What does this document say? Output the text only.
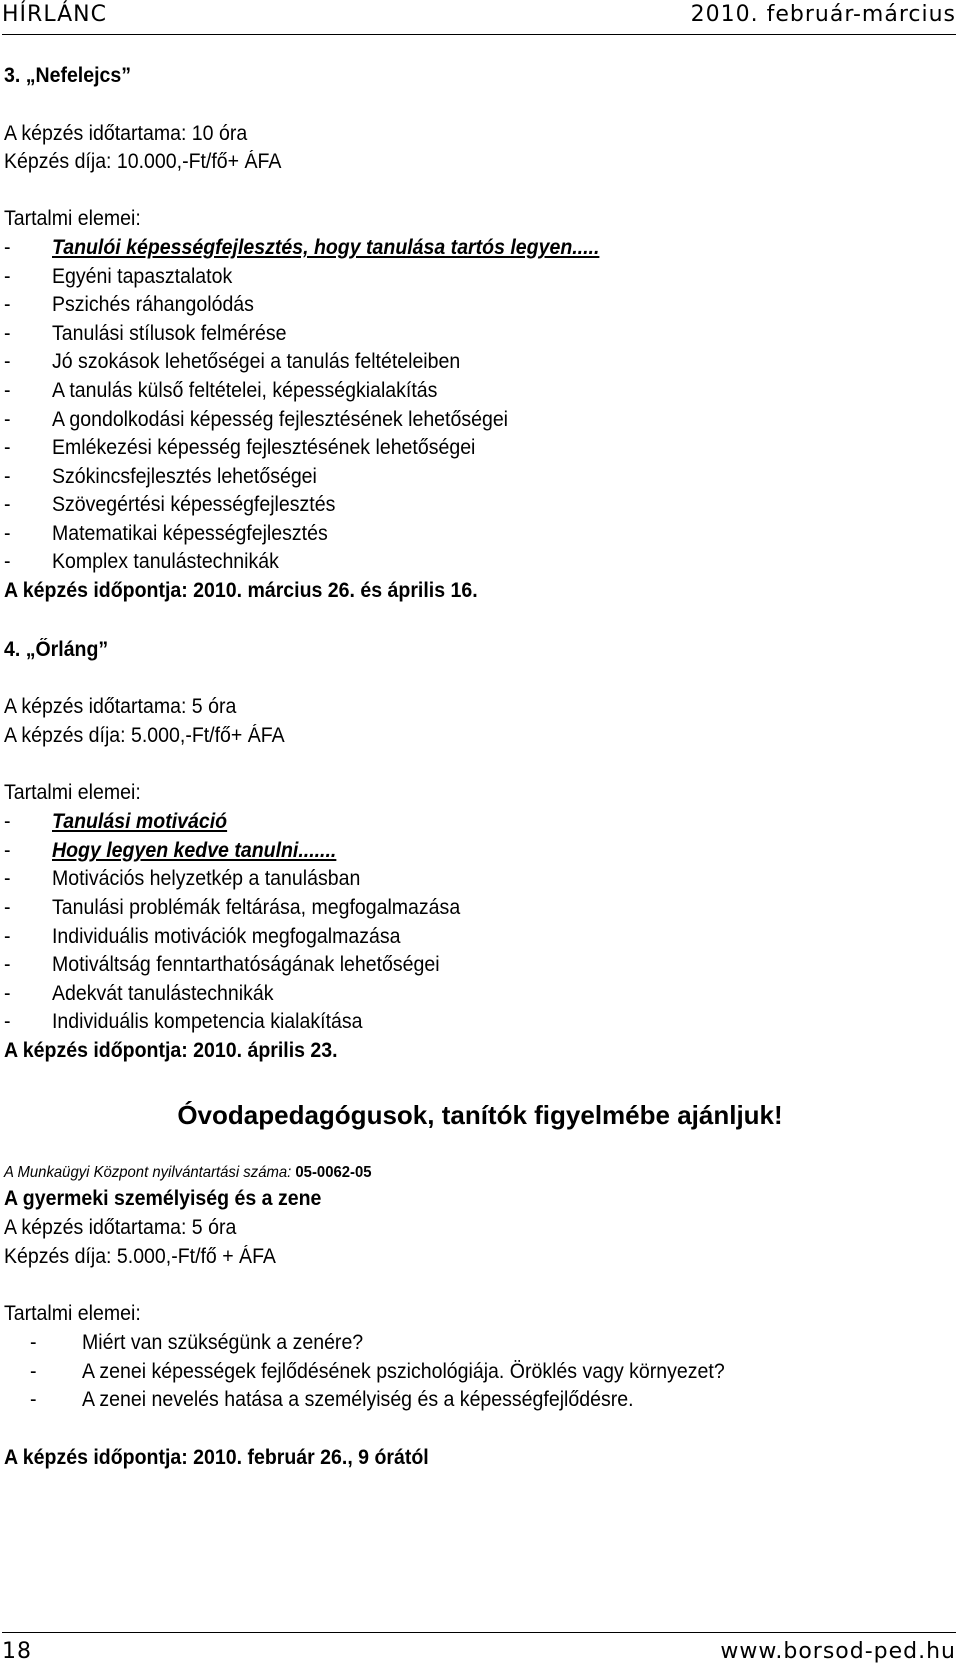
HÍRLÁNC	2010. február-március
3. „Nefelejcs”
A képzés időtartama: 10 óra
Képzés díja: 10.000,-Ft/fő+ ÁFA
Tartalmi elemei:
- Tanulói képességfejlesztés, hogy tanulása tartós legyen.....
- Egyéni tapasztalatok
- Pszichés ráhangolódás
- Tanulási stílusok felmérése
- Jó szokások lehetőségei a tanulás feltételeiben
- A tanulás külső feltételei, képességkialakítás
- A gondolkodási képesség fejlesztésének lehetőségei
- Emlékezési képesség fejlesztésének lehetőségei
- Szókincsfejlesztés lehetőségei
- Szövegértési képességfejlesztés
- Matematikai képességfejlesztés
- Komplex tanulástechnikák
A képzés időpontja: 2010. március 26. és április 16.
4. „Őrláng”
A képzés időtartama: 5 óra
A képzés díja: 5.000,-Ft/fő+ ÁFA
Tartalmi elemei:
- Tanulási motiváció
- Hogy legyen kedve tanulni.......
- Motivációs helyzetkép a tanulásban
- Tanulási problémák feltárása, megfogalmazása
- Individuális motivációk megfogalmazása
- Motiváltság fenntarthatóságának lehetőségei
- Adekvát tanulástechnikák
- Individuális kompetencia kialakítása
A képzés időpontja: 2010. április 23.
Óvodapedagógusok, tanítók figyelmébe ajánljuk!
A Munkaügyi Központ nyilvántartási száma: 05-0062-05
A gyermeki személyiség és a zene
A képzés időtartama: 5 óra
Képzés díja: 5.000,-Ft/fő + ÁFA
Tartalmi elemei:
- Miért van szükségünk a zenére?
- A zenei képességek fejlődésének pszichológiája. Öröklés vagy környezet?
- A zenei nevelés hatása a személyiség és a képességfejlődésre.
A képzés időpontja: 2010. február 26., 9 órától
18	www.borsod-ped.hu
